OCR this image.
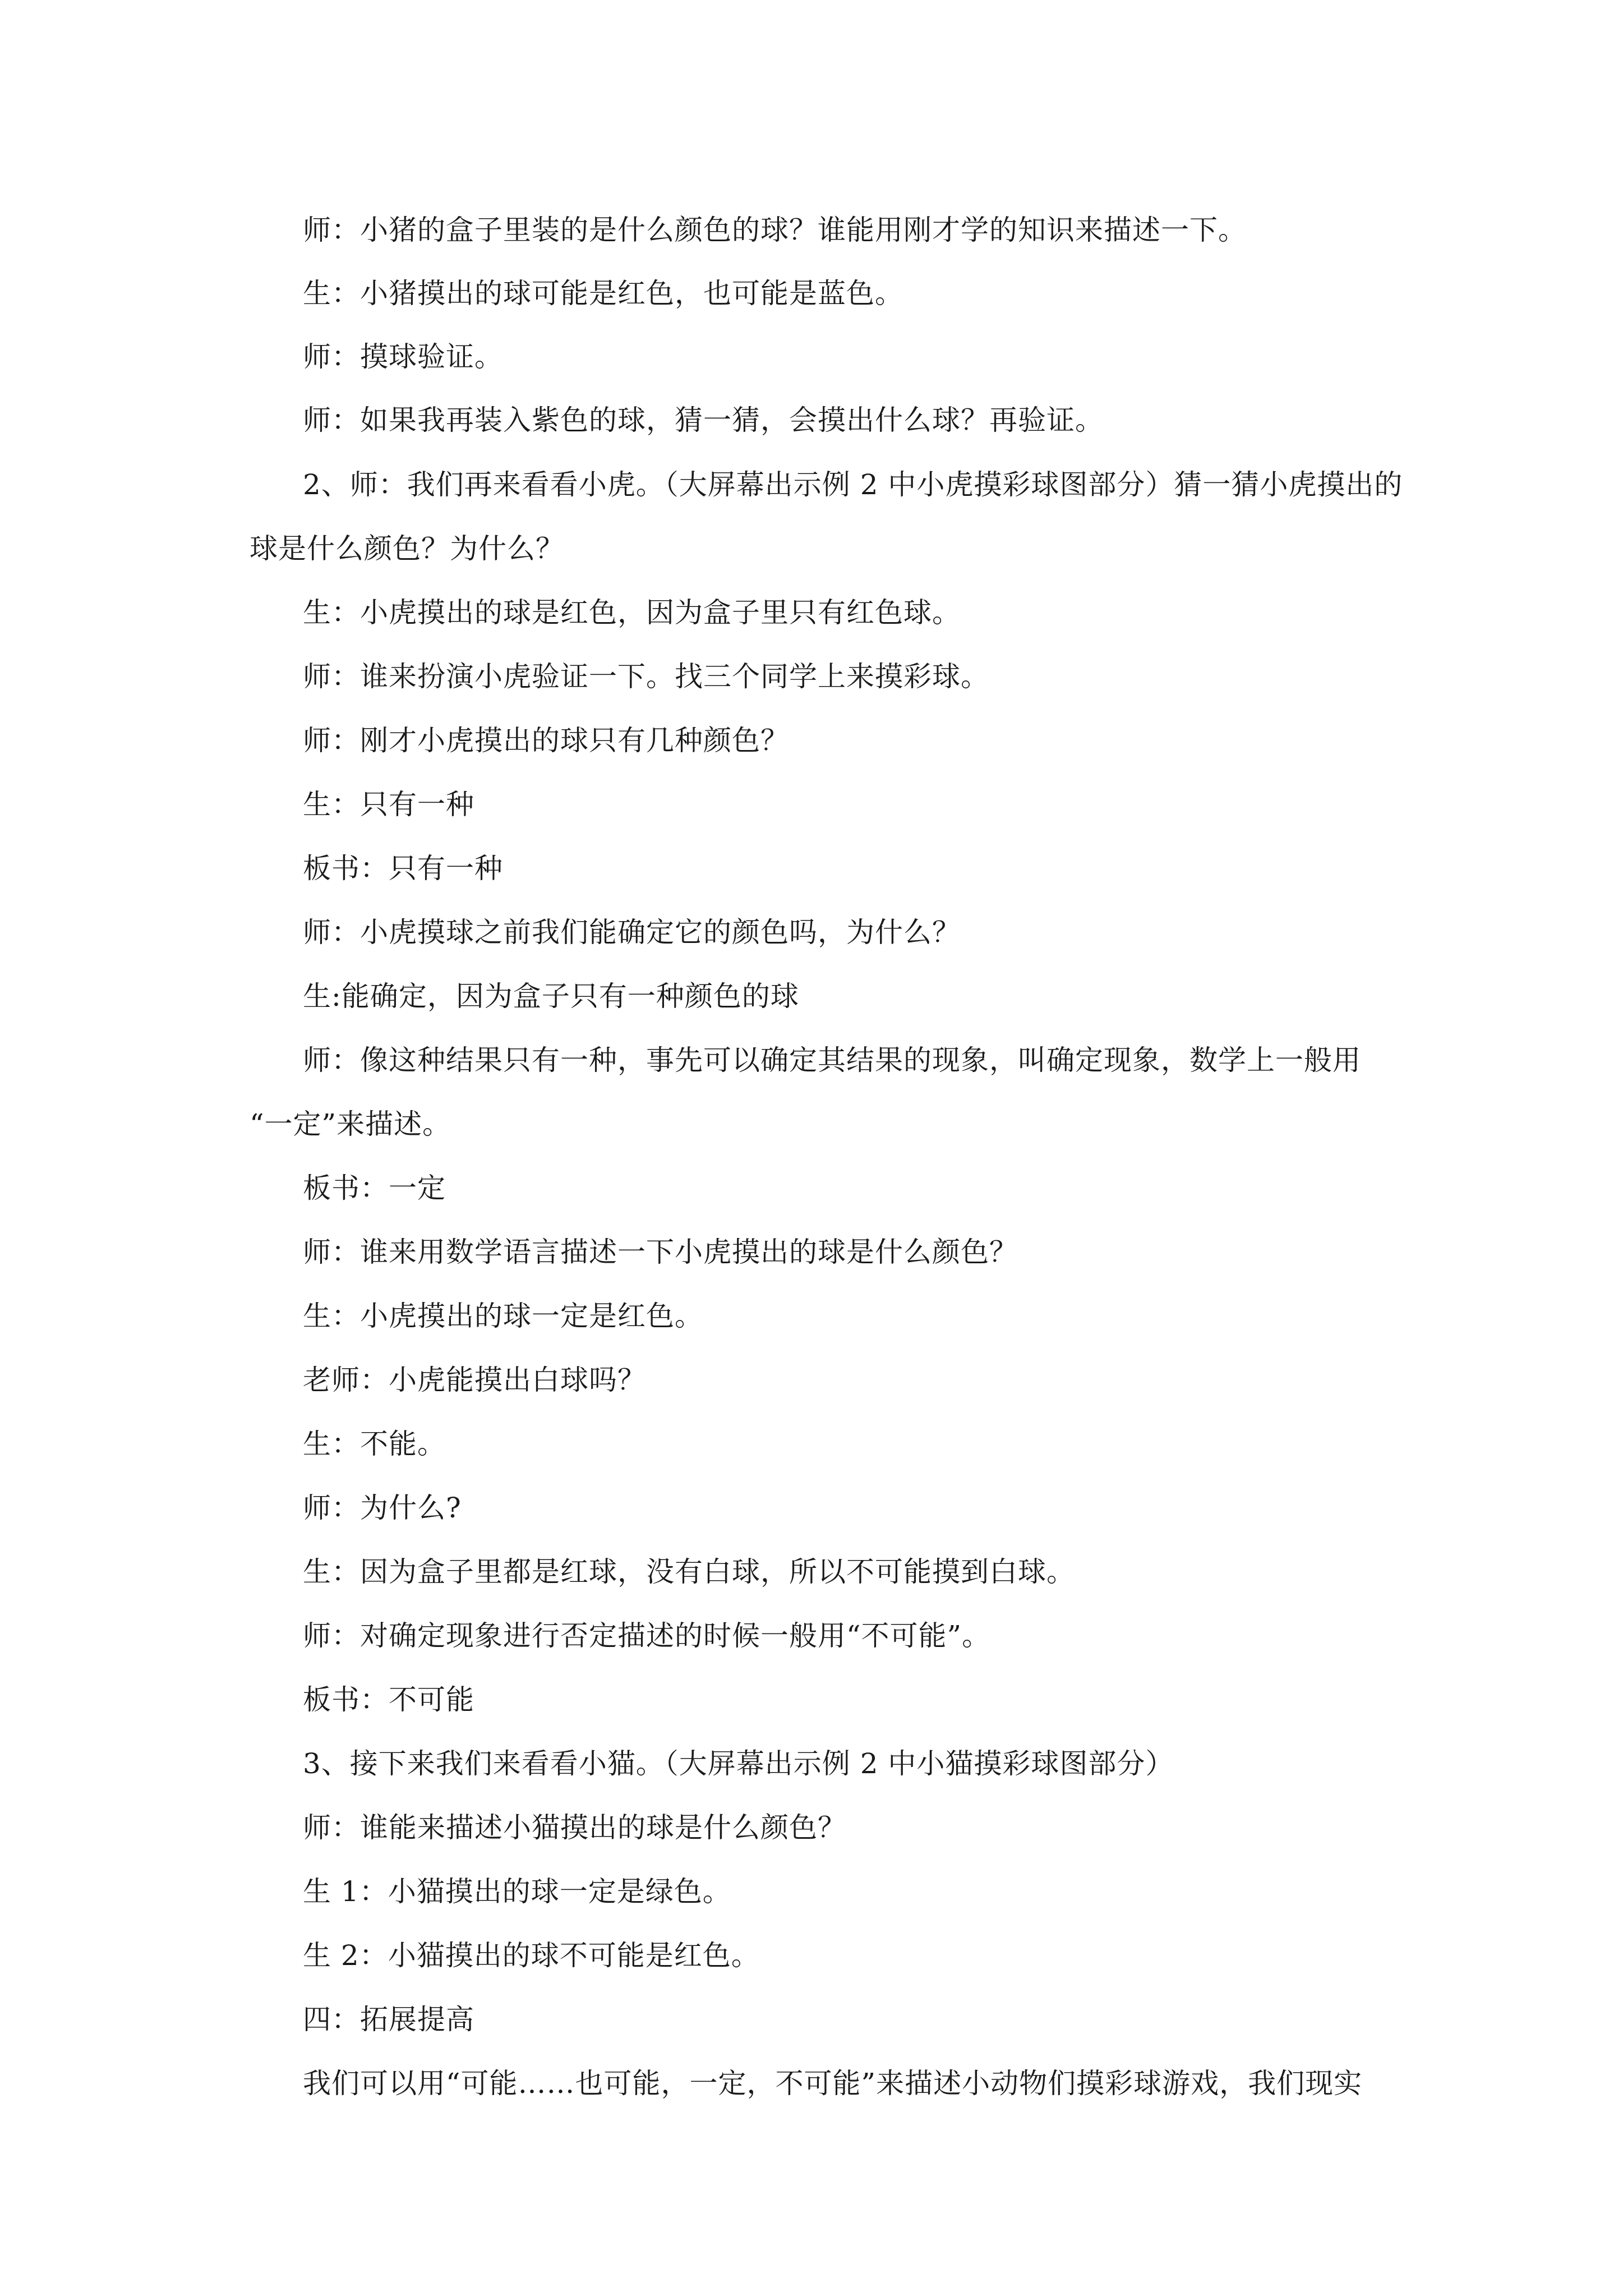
师：小猪的盒子里装的是什么颜色的球？谁能用刚才学的知识来描述一下。
生：小猪摸出的球可能是红色，也可能是蓝色。
师：摸球验证。
师：如果我再装入紫色的球，猜一猜，会摸出什么球？再验证。
2、师：我们再来看看小虎。（大屏幕出示例 2 中小虎摸彩球图部分）猜一猜小虎摸出的
球是什么颜色？为什么？
生：小虎摸出的球是红色，因为盒子里只有红色球。
师：谁来扮演小虎验证一下。找三个同学上来摸彩球。
师：刚才小虎摸出的球只有几种颜色？
生：只有一种
板书：只有一种
师：小虎摸球之前我们能确定它的颜色吗，为什么？
生:能确定，因为盒子只有一种颜色的球
师：像这种结果只有一种，事先可以确定其结果的现象，叫确定现象，数学上一般用
“一定”来描述。
板书：一定
师：谁来用数学语言描述一下小虎摸出的球是什么颜色？
生：小虎摸出的球一定是红色。
老师：小虎能摸出白球吗？
生：不能。
师：为什么?
生：因为盒子里都是红球，没有白球，所以不可能摸到白球。
师：对确定现象进行否定描述的时候一般用“不可能”。
板书：不可能
3、接下来我们来看看小猫。（大屏幕出示例 2 中小猫摸彩球图部分）
师：谁能来描述小猫摸出的球是什么颜色？
生 1：小猫摸出的球一定是绿色。
生 2：小猫摸出的球不可能是红色。
四：拓展提高
我们可以用“可能……也可能，一定，不可能”来描述小动物们摸彩球游戏，我们现实
